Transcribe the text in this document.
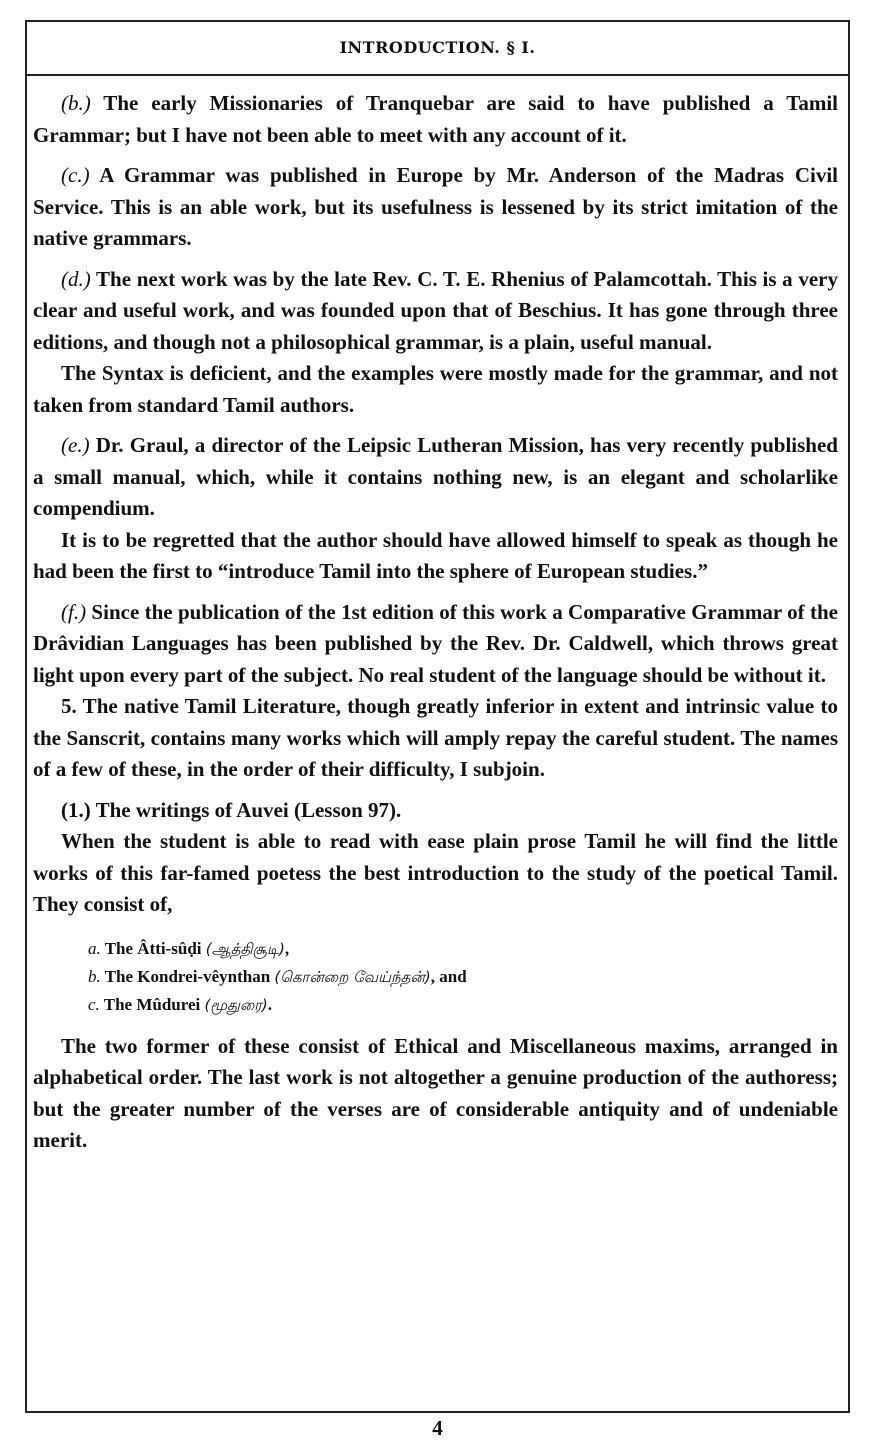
INTRODUCTION. § I.

(b.) The early Missionaries of Tranquebar are said to have published a Tamil Grammar; but I have not been able to meet with any account of it.

(c.) A Grammar was published in Europe by Mr. Anderson of the Madras Civil Service. This is an able work, but its usefulness is lessened by its strict imitation of the native grammars.

(d.) The next work was by the late Rev. C. T. E. Rhenius of Palamcottah. This is a very clear and useful work, and was founded upon that of Beschius. It has gone through three editions, and though not a philosophical grammar, is a plain, useful manual.

The Syntax is deficient, and the examples were mostly made for the grammar, and not taken from standard Tamil authors.

(e.) Dr. Graul, a director of the Leipsic Lutheran Mission, has very recently published a small manual, which, while it contains nothing new, is an elegant and scholarlike compendium.

It is to be regretted that the author should have allowed himself to speak as though he had been the first to “introduce Tamil into the sphere of European studies.”

(f.) Since the publication of the 1st edition of this work a Comparative Grammar of the Drâvidian Languages has been published by the Rev. Dr. Caldwell, which throws great light upon every part of the subject. No real student of the language should be without it.

5. The native Tamil Literature, though greatly inferior in extent and intrinsic value to the Sanscrit, contains many works which will amply repay the careful student. The names of a few of these, in the order of their difficulty, I subjoin.

(1.) The writings of Auvei (Lesson 97).

When the student is able to read with ease plain prose Tamil he will find the little works of this far-famed poetess the best introduction to the study of the poetical Tamil. They consist of,

a. The Âtti-sûḍi (ஆத்திசூடி),
b. The Kondrei-vêynthan (கொன்றை வேய்ந்தன்), and
c. The Mûdurei (மூதுரை).

The two former of these consist of Ethical and Miscellaneous maxims, arranged in alphabetical order. The last work is not altogether a genuine production of the authoress; but the greater number of the verses are of considerable antiquity and of undeniable merit.

4
